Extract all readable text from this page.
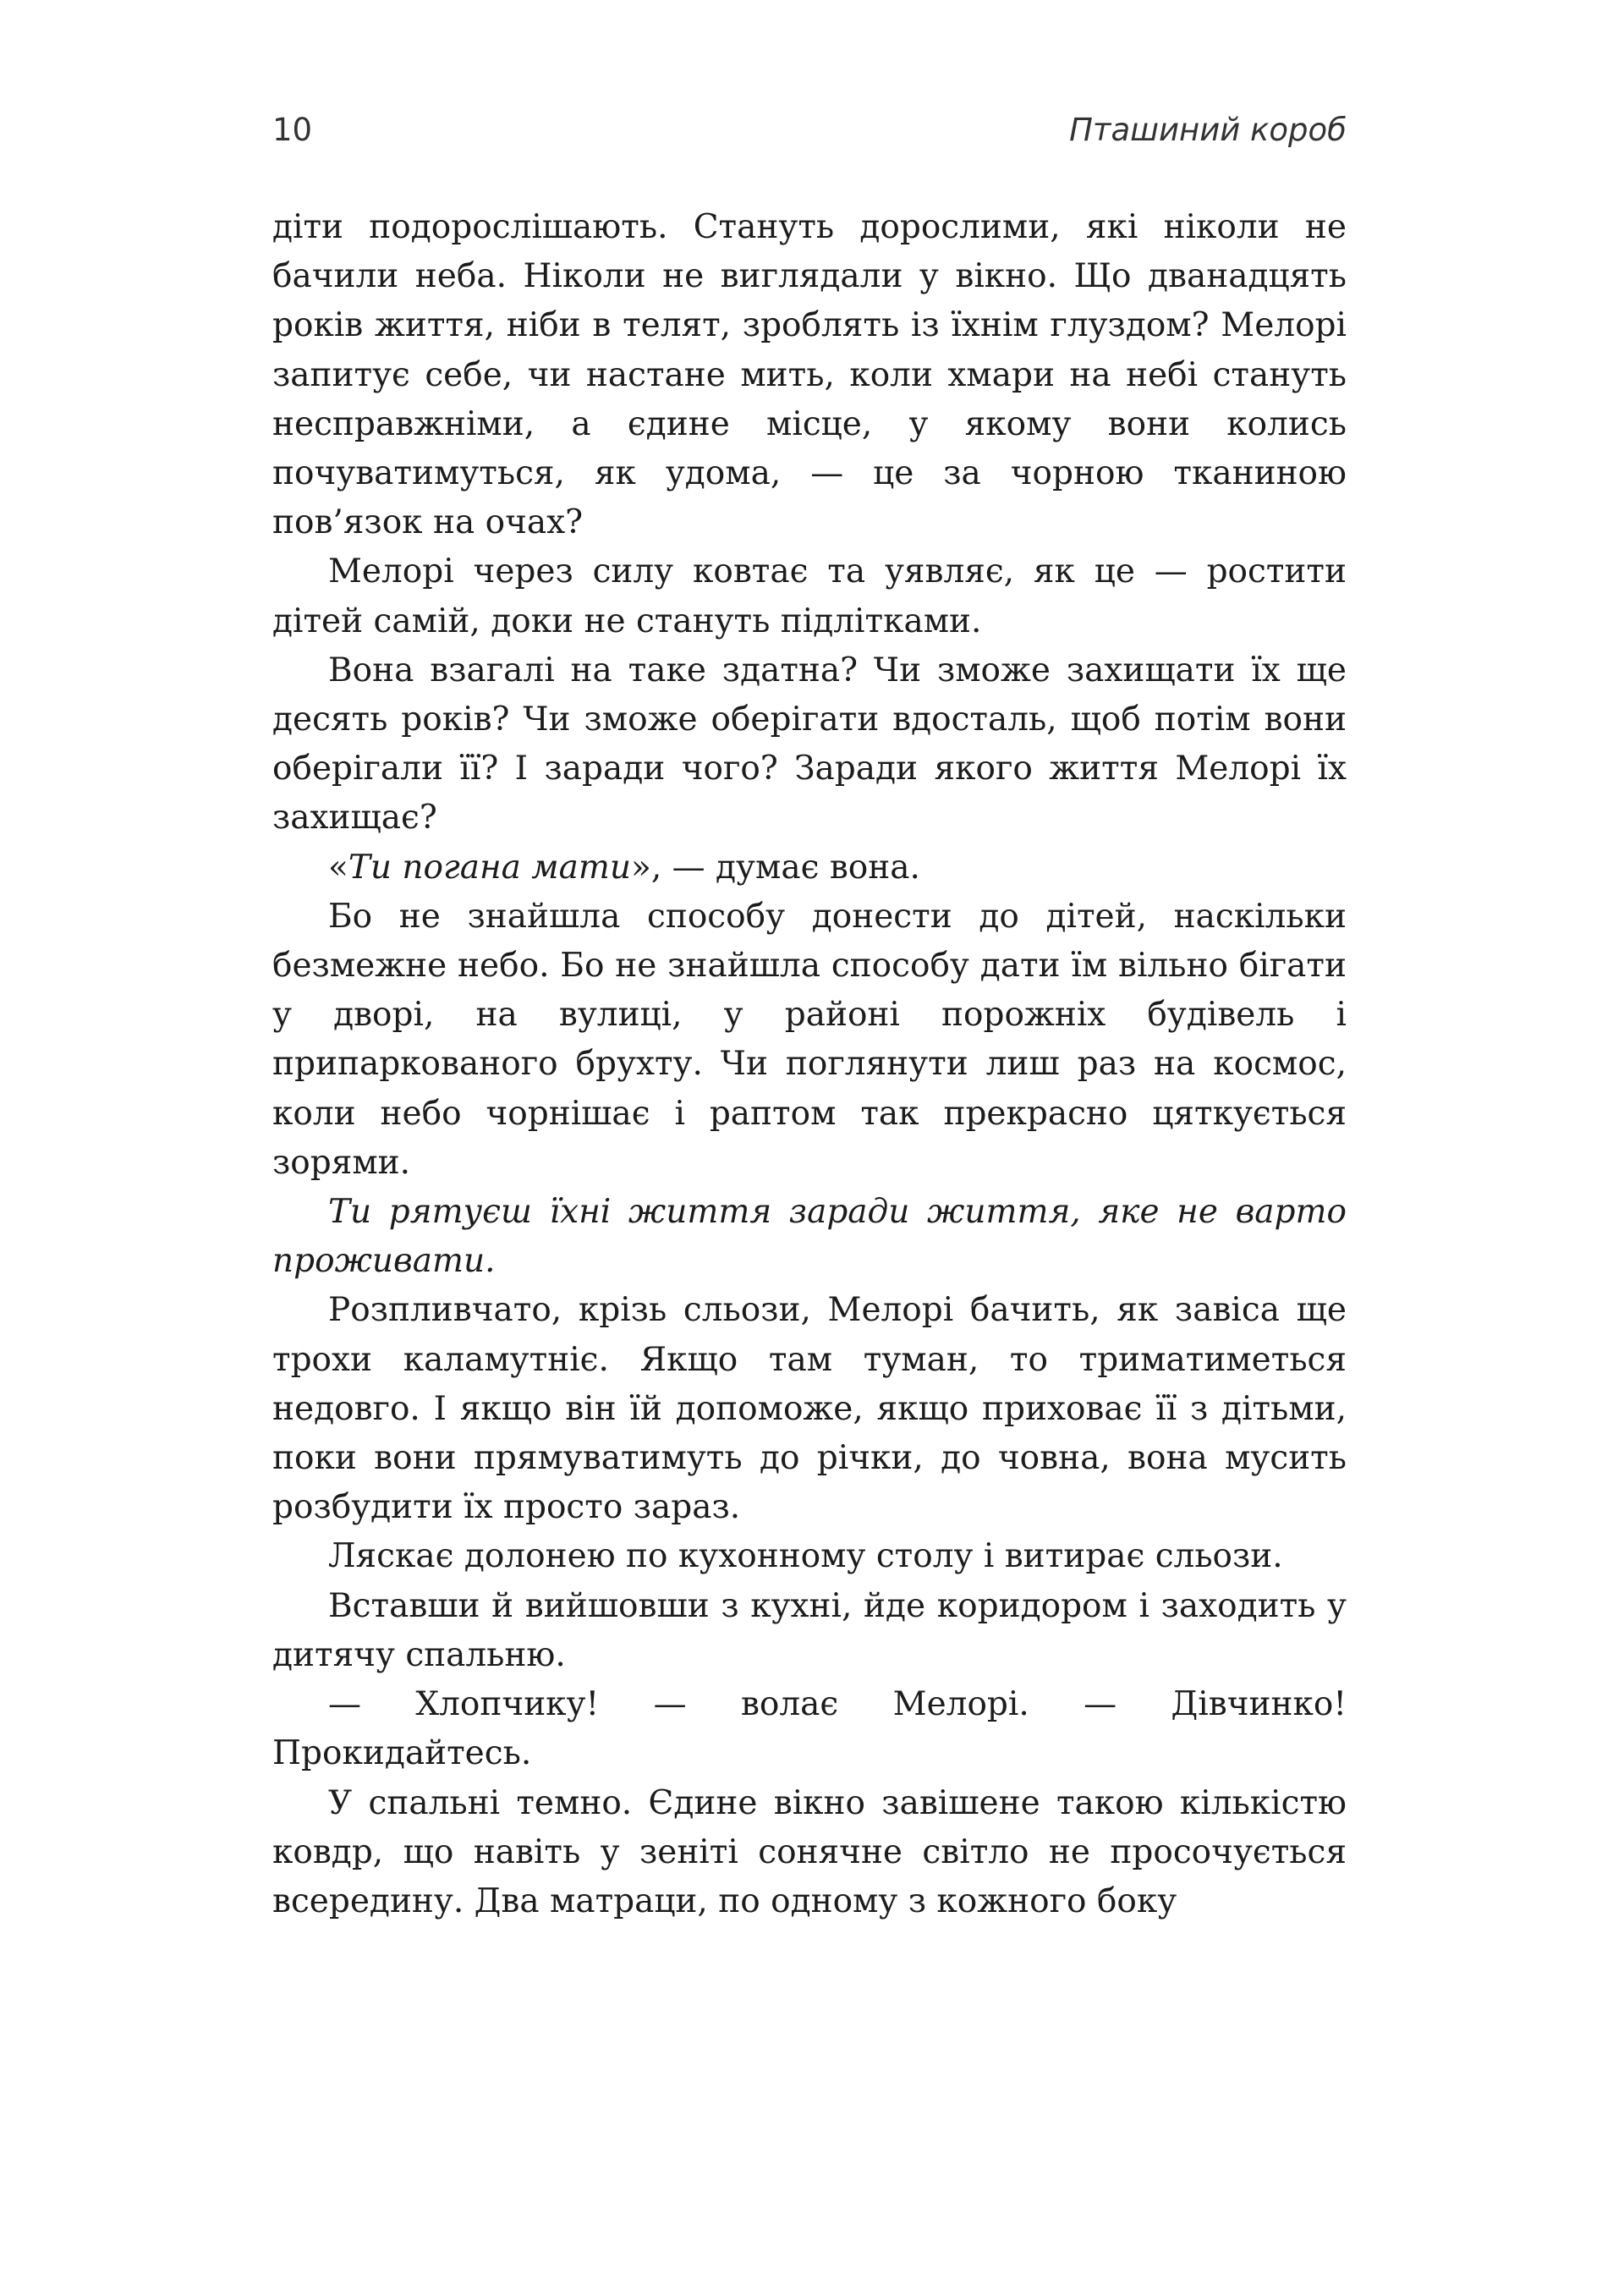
10	Пташиний короб

діти подорослішають. Стануть дорослими, які ніколи не бачили неба. Ніколи не виглядали у вікно. Що дванадцять років життя, ніби в телят, зроблять із їхнім глуздом? Мелорі запитує себе, чи настане мить, коли хмари на небі стануть несправжніми, а єдине місце, у якому вони колись почуватимуться, як удома, — це за чорною тканиною пов’язок на очах?

Мелорі через силу ковтає та уявляє, як це — ростити дітей самій, доки не стануть підлітками.

Вона взагалі на таке здатна? Чи зможе захищати їх ще десять років? Чи зможе оберігати вдосталь, щоб потім вони оберігали її? І заради чого? Заради якого життя Мелорі їх захищає?

«Ти погана мати», — думає вона.

Бо не знайшла способу донести до дітей, наскільки безмежне небо. Бо не знайшла способу дати їм вільно бігати у дворі, на вулиці, у районі порожніх будівель і припаркованого брухту. Чи поглянути лиш раз на космос, коли небо чорнішає і раптом так прекрасно цяткується зорями.

Ти рятуєш їхні життя заради життя, яке не варто проживати.

Розпливчато, крізь сльози, Мелорі бачить, як завіса ще трохи каламутніє. Якщо там туман, то триматиметься недовго. І якщо він їй допоможе, якщо приховає її з дітьми, поки вони прямуватимуть до річки, до човна, вона мусить розбудити їх просто зараз.

Ляскає долонею по кухонному столу і витирає сльози.

Вставши й вийшовши з кухні, йде коридором і заходить у дитячу спальню.

— Хлопчику! — волає Мелорі. — Дівчинко! Прокидайтесь.

У спальні темно. Єдине вікно завішене такою кількістю ковдр, що навіть у зеніті сонячне світло не просочується всередину. Два матраци, по одному з кожного боку
